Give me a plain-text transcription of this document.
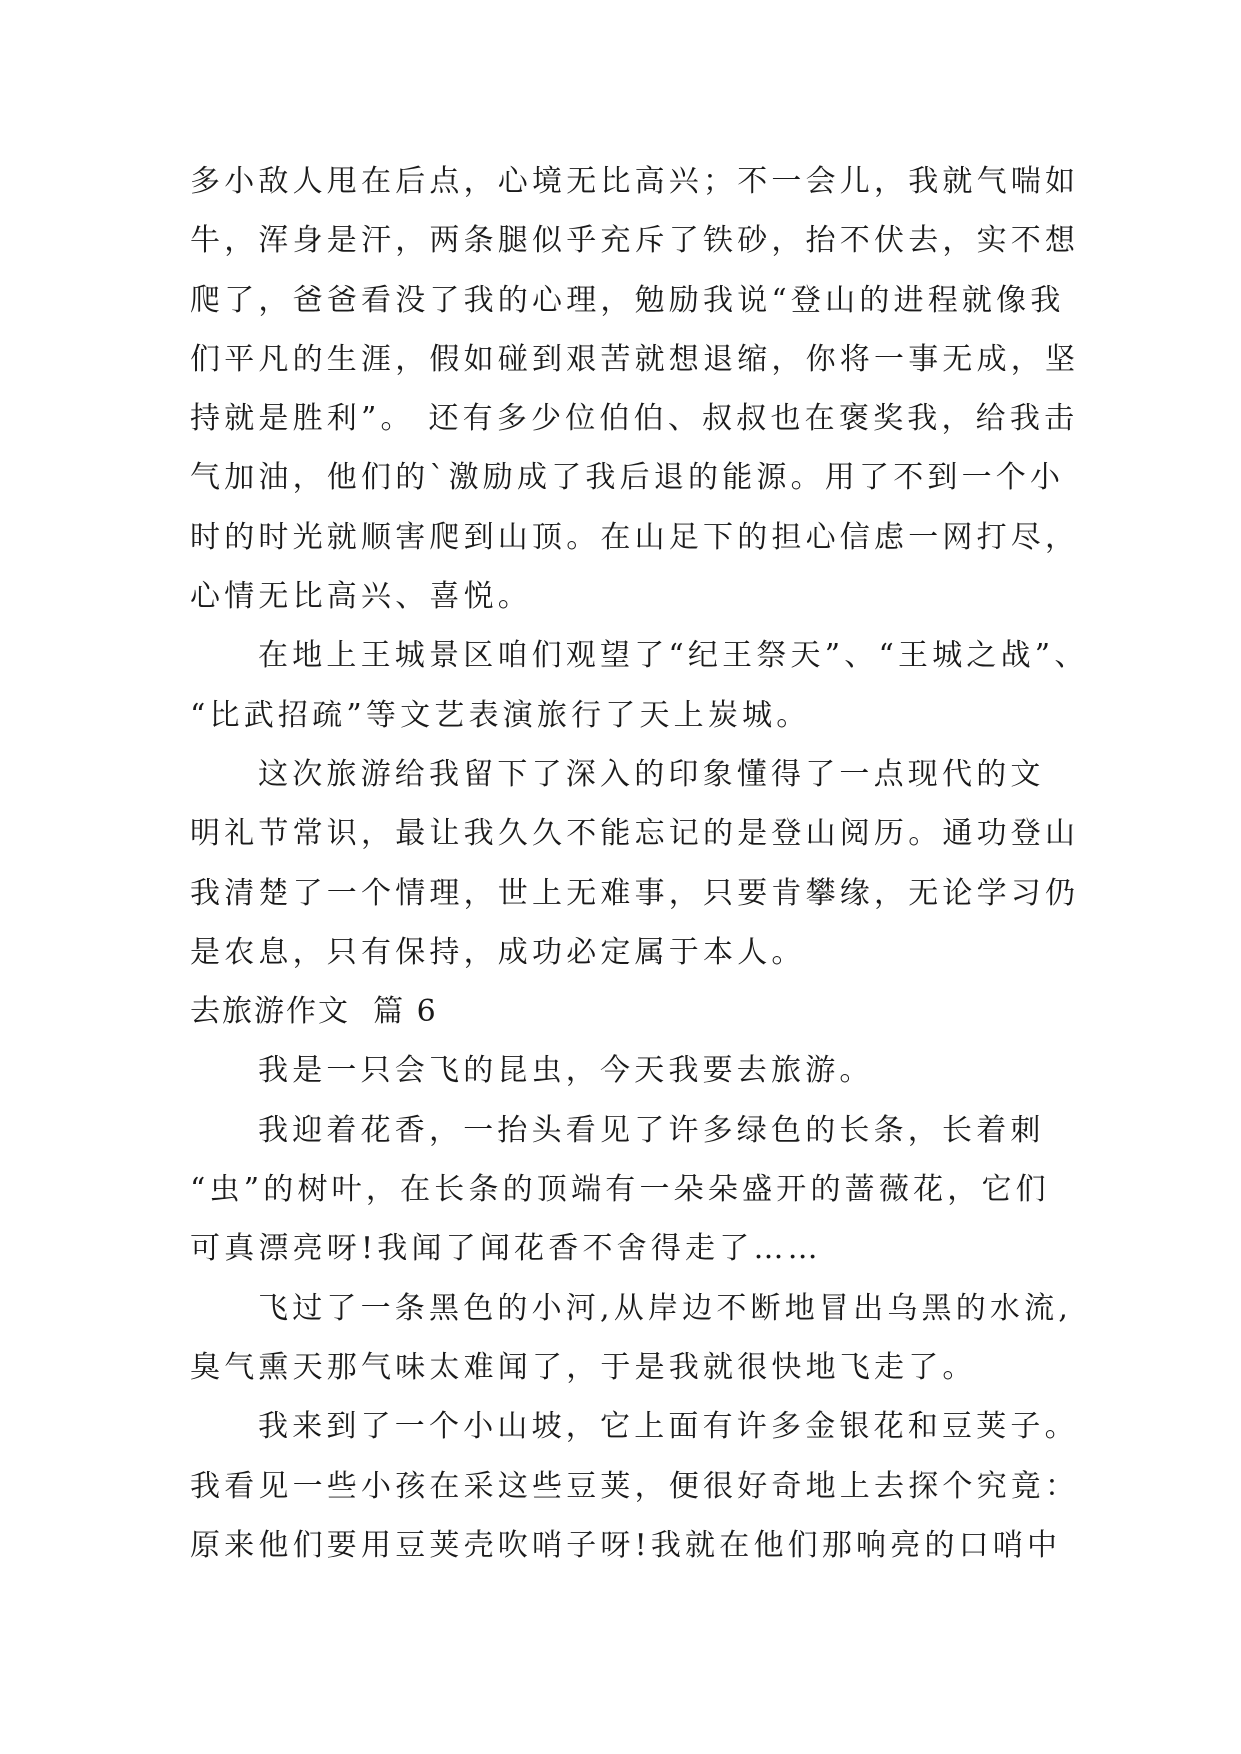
多小敌人甩在后点，心境无比高兴；不一会儿，我就气喘如
牛，浑身是汗，两条腿似乎充斥了铁砂，抬不伏去，实不想
爬了，爸爸看没了我的心理，勉励我说“登山的进程就像我
们平凡的生涯，假如碰到艰苦就想退缩，你将一事无成，坚
持就是胜利”。 还有多少位伯伯、叔叔也在褒奖我，给我击
气加油，他们的`激励成了我后退的能源。用了不到一个小
时的时光就顺害爬到山顶。在山足下的担心信虑一网打尽，
心情无比高兴、喜悦。
在地上王城景区咱们观望了“纪王祭天”、“王城之战”、
“比武招疏”等文艺表演旅行了天上炭城。
这次旅游给我留下了深入的印象懂得了一点现代的文
明礼节常识，最让我久久不能忘记的是登山阅历。通功登山
我清楚了一个情理，世上无难事，只要肯攀缘，无论学习仍
是农息，只有保持，成功必定属于本人。
去旅游作文  篇 6
我是一只会飞的昆虫，今天我要去旅游。
我迎着花香，一抬头看见了许多绿色的长条，长着刺
“虫”的树叶，在长条的顶端有一朵朵盛开的蔷薇花，它们
可真漂亮呀!我闻了闻花香不舍得走了……
飞过了一条黑色的小河,从岸边不断地冒出乌黑的水流,
臭气熏天那气味太难闻了，于是我就很快地飞走了。
我来到了一个小山坡，它上面有许多金银花和豆荚子。
我看见一些小孩在采这些豆荚，便很好奇地上去探个究竟：
原来他们要用豆荚壳吹哨子呀!我就在他们那响亮的口哨中
